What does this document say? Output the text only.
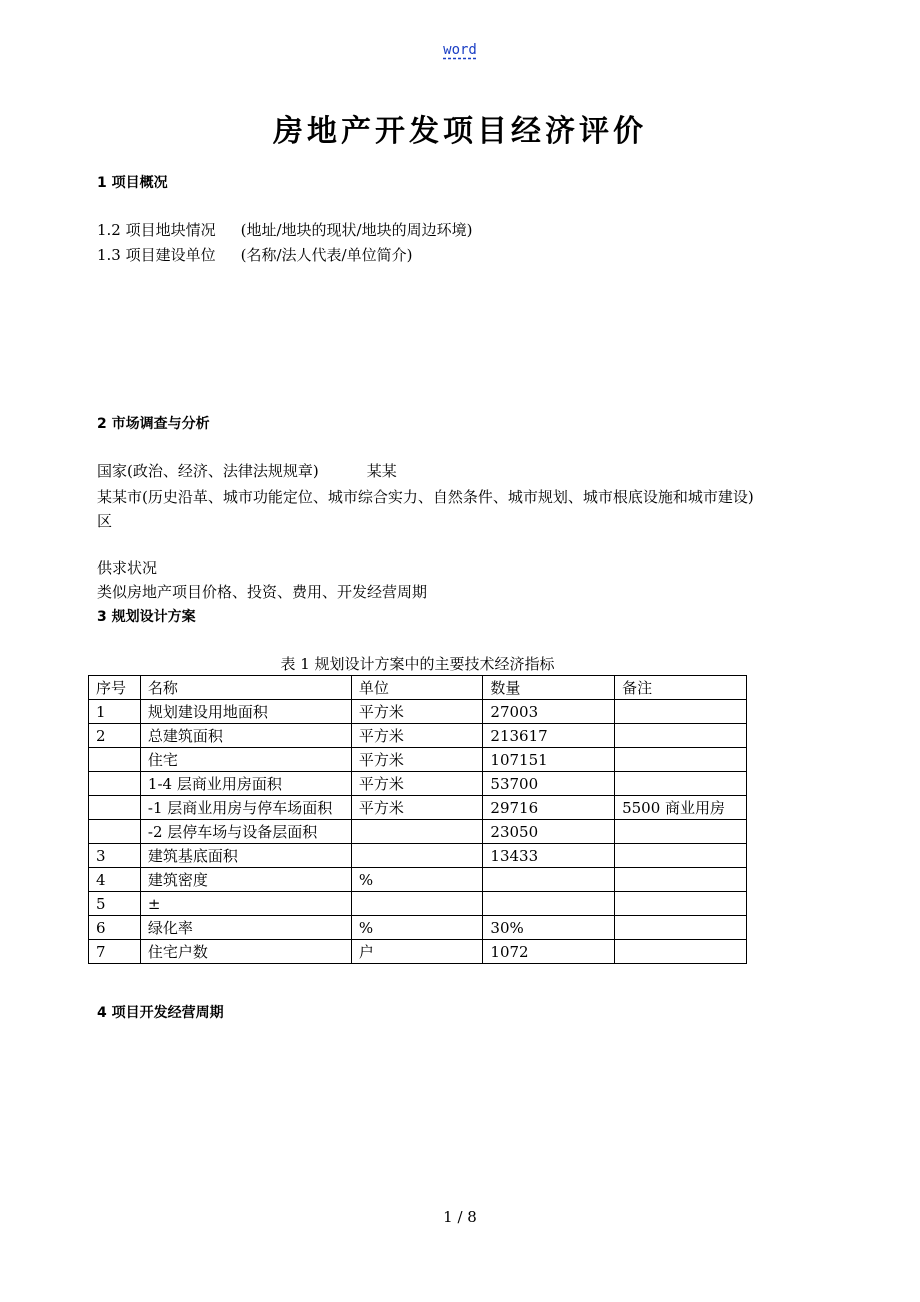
word
房地产开发项目经济评价
1 项目概况
1.2 项目地块情况 (地址/地块的现状/地块的周边环境)
1.3 项目建设单位 (名称/法人代表/单位简介)
2 市场调查与分析
国家(政治、经济、法律法规规章)	某某
某某市(历史沿革、城市功能定位、城市综合实力、自然条件、城市规划、城市根底设施和城市建设)
区
供求状况
类似房地产项目价格、投资、费用、开发经营周期
3 规划设计方案
表 1 规划设计方案中的主要技术经济指标
序号	名称	单位	数量	备注
1	规划建设用地面积	平方米	27003	
2	总建筑面积	平方米	213617	
	住宅	平方米	107151	
	1-4 层商业用房面积	平方米	53700	
	-1 层商业用房与停车场面积	平方米	29716	5500 商业用房
	-2 层停车场与设备层面积		23050	
3	建筑基底面积		13433	
4	建筑密度	%		
5	±			
6	绿化率	%	30%	
7	住宅户数	户	1072	
4 项目开发经营周期
1 / 8
